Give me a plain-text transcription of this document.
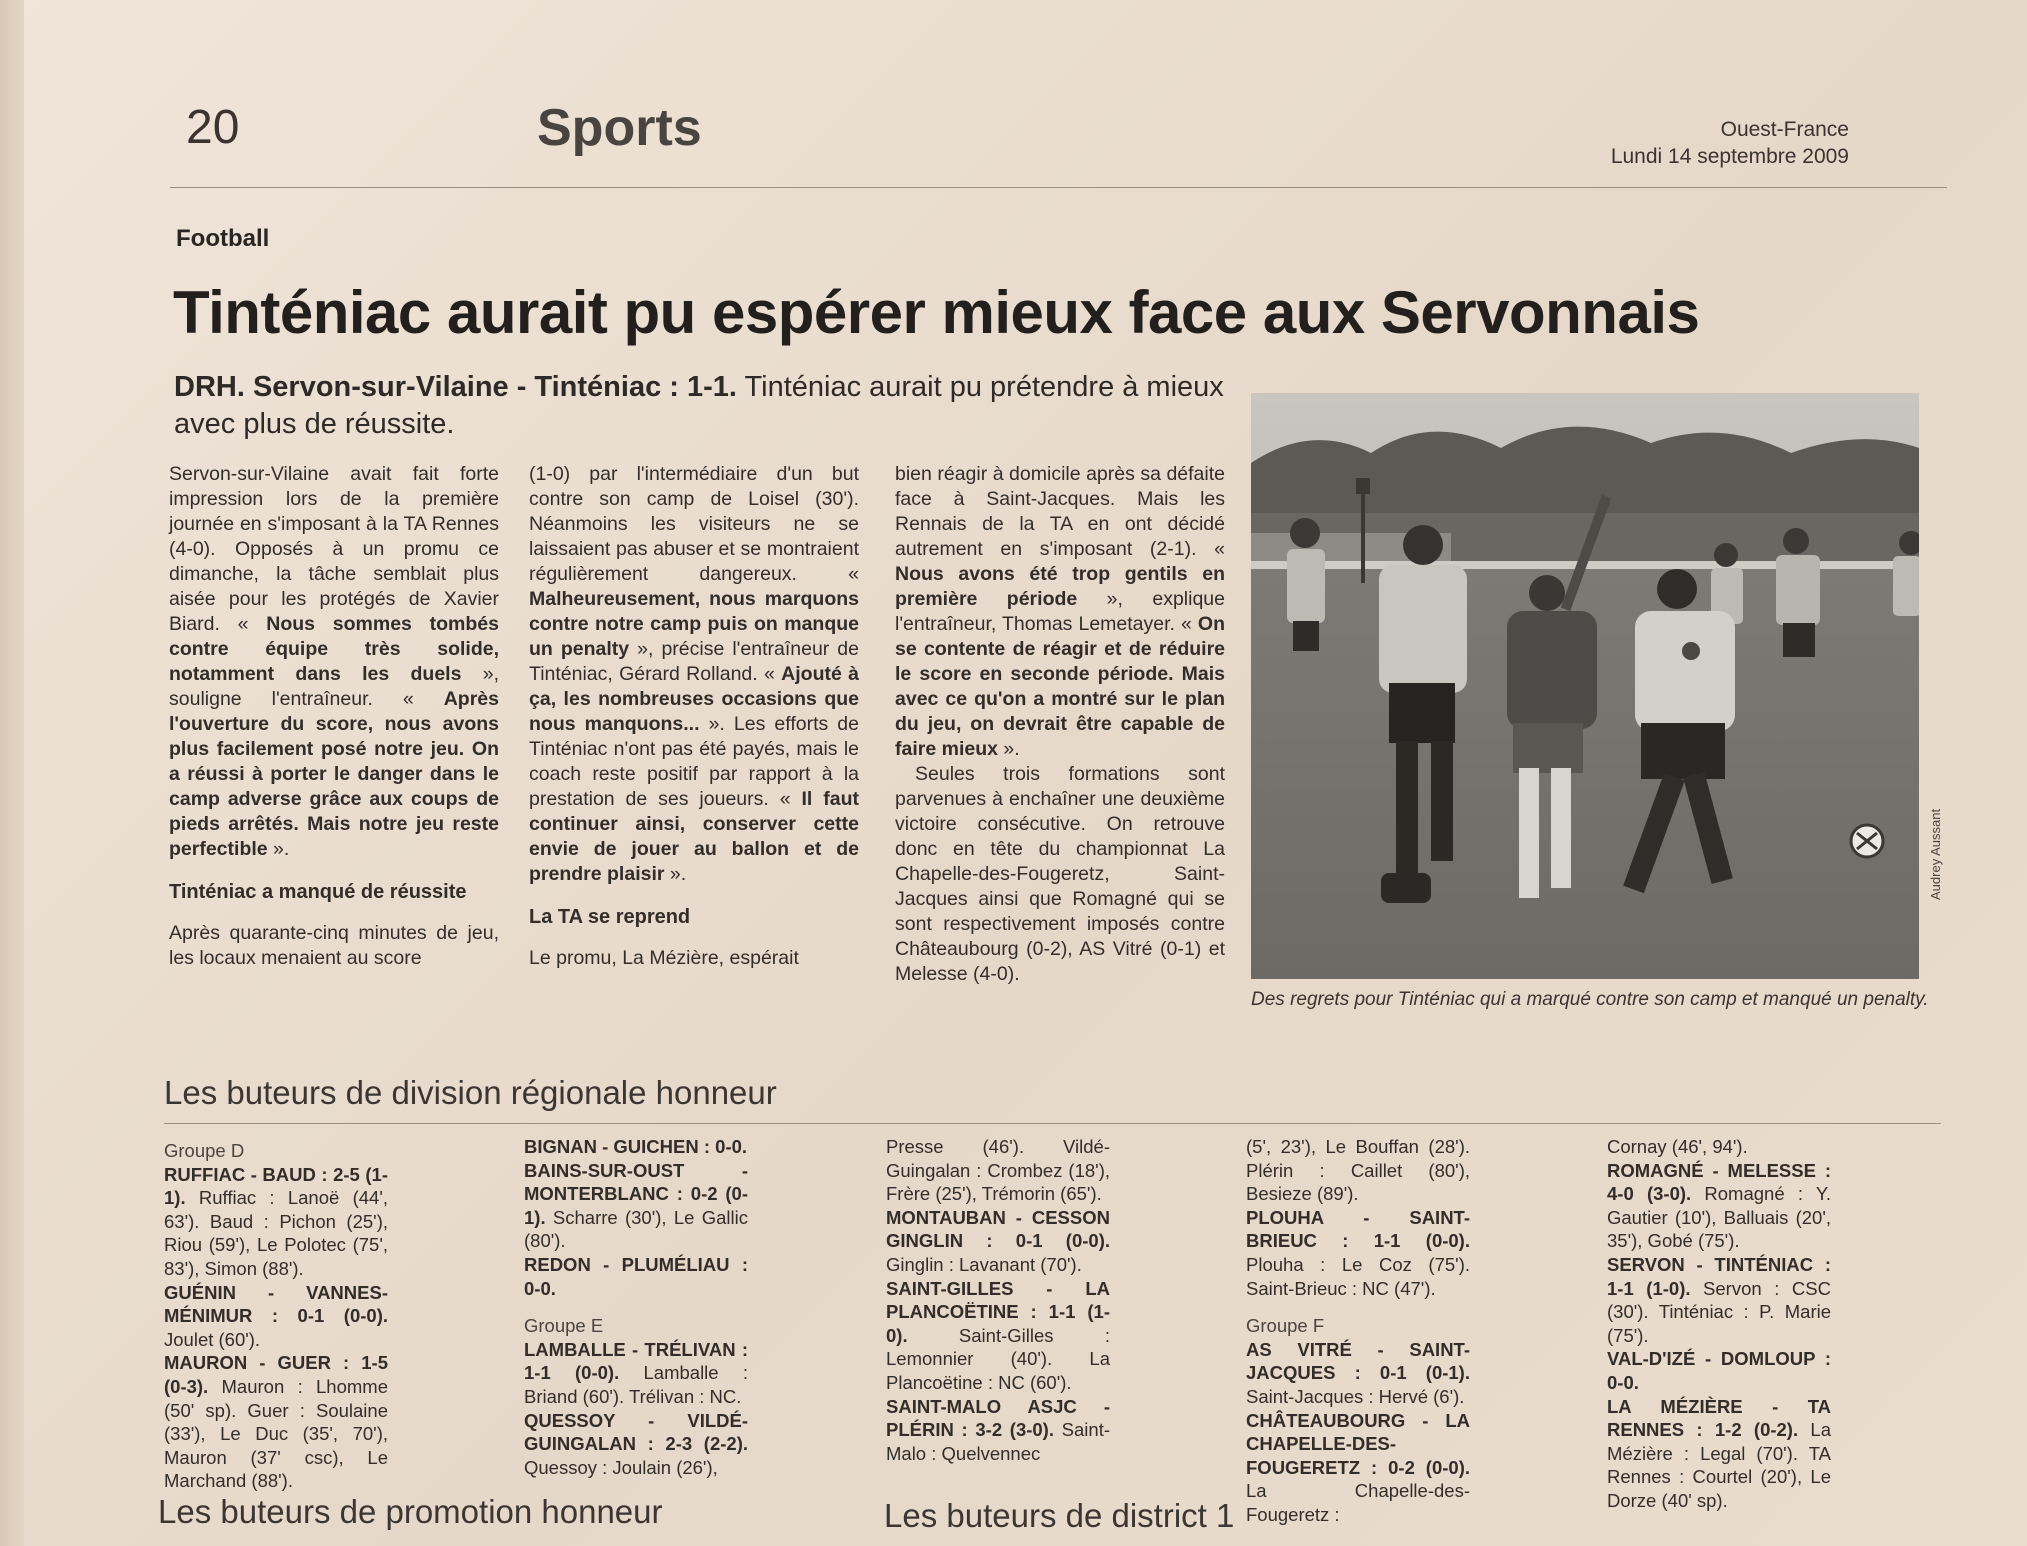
20	Sports	Ouest-France
Lundi 14 septembre 2009
Football
Tinténiac aurait pu espérer mieux face aux Servonnais
DRH. Servon-sur-Vilaine - Tinténiac : 1-1. Tinténiac aurait pu prétendre à mieux avec plus de réussite.

Servon-sur-Vilaine avait fait forte impression lors de la première journée en s'imposant à la TA Rennes (4-0). Opposés à un promu ce dimanche, la tâche semblait plus aisée pour les protégés de Xavier Biard. « Nous sommes tombés contre équipe très solide, notamment dans les duels », souligne l'entraîneur. « Après l'ouverture du score, nous avons plus facilement posé notre jeu. On a réussi à porter le danger dans le camp adverse grâce aux coups de pieds arrêtés. Mais notre jeu reste perfectible ».

Tinténiac a manqué de réussite

Après quarante-cinq minutes de jeu, les locaux menaient au score

(1-0) par l'intermédiaire d'un but contre son camp de Loisel (30'). Néanmoins les visiteurs ne se laissaient pas abuser et se montraient régulièrement dangereux. « Malheureusement, nous marquons contre notre camp puis on manque un penalty », précise l'entraîneur de Tinténiac, Gérard Rolland. « Ajouté à ça, les nombreuses occasions que nous manquons... ». Les efforts de Tinténiac n'ont pas été payés, mais le coach reste positif par rapport à la prestation de ses joueurs. « Il faut continuer ainsi, conserver cette envie de jouer au ballon et de prendre plaisir ».

La TA se reprend

Le promu, La Mézière, espérait

bien réagir à domicile après sa défaite face à Saint-Jacques. Mais les Rennais de la TA en ont décidé autrement en s'imposant (2-1). « Nous avons été trop gentils en première période », explique l'entraîneur, Thomas Lemetayer. « On se contente de réagir et de réduire le score en seconde période. Mais avec ce qu'on a montré sur le plan du jeu, on devrait être capable de faire mieux ».

Seules trois formations sont parvenues à enchaîner une deuxième victoire consécutive. On retrouve donc en tête du championnat La Chapelle-des-Fougeretz, Saint-Jacques ainsi que Romagné qui se sont respectivement imposés contre Châteaubourg (0-2), AS Vitré (0-1) et Melesse (4-0).

Audrey Aussant
Des regrets pour Tinténiac qui a marqué contre son camp et manqué un penalty.
Les buteurs de division régionale honneur

Groupe D

RUFFIAC - BAUD : 2-5 (1-1). Ruffiac : Lanoë (44', 63'). Baud : Pichon (25'), Riou (59'), Le Polotec (75', 83'), Simon (88').

GUÉNIN - VANNES-MÉNIMUR : 0-1 (0-0). Joulet (60').

MAURON - GUER : 1-5 (0-3). Mauron : Lhomme (50' sp). Guer : Soulaine (33'), Le Duc (35', 70'), Mauron (37' csc), Le Marchand (88').

BIGNAN - GUICHEN : 0-0.

BAINS-SUR-OUST - MONTERBLANC : 0-2 (0-1). Scharre (30'), Le Gallic (80').

REDON - PLUMÉLIAU : 0-0.

Groupe E

LAMBALLE - TRÉLIVAN : 1-1 (0-0). Lamballe : Briand (60'). Trélivan : NC.

QUESSOY - VILDÉ-GUINGALAN : 2-3 (2-2). Quessoy : Joulain (26'),

Presse (46'). Vildé-Guingalan : Crombez (18'), Frère (25'), Trémorin (65').

MONTAUBAN - CESSON GINGLIN : 0-1 (0-0). Ginglin : Lavanant (70').

SAINT-GILLES - LA PLANCOËTINE : 1-1 (1-0). Saint-Gilles : Lemonnier (40'). La Plancoëtine : NC (60').

SAINT-MALO ASJC - PLÉRIN : 3-2 (3-0). Saint-Malo : Quelvennec

(5', 23'), Le Bouffan (28'). Plérin : Caillet (80'), Besieze (89').

PLOUHA - SAINT-BRIEUC : 1-1 (0-0). Plouha : Le Coz (75'). Saint-Brieuc : NC (47').

Groupe F

AS VITRÉ - SAINT-JACQUES : 0-1 (0-1). Saint-Jacques : Hervé (6').

CHÂTEAUBOURG - LA CHAPELLE-DES-FOUGERETZ : 0-2 (0-0). La Chapelle-des-Fougeretz :

Cornay (46', 94').

ROMAGNÉ - MELESSE : 4-0 (3-0). Romagné : Y. Gautier (10'), Balluais (20', 35'), Gobé (75').

SERVON - TINTÉNIAC : 1-1 (1-0). Servon : CSC (30'). Tinténiac : P. Marie (75').

VAL-D'IZÉ - DOMLOUP : 0-0.

LA MÉZIÈRE - TA RENNES : 1-2 (0-2). La Mézière : Legal (70'). TA Rennes : Courtel (20'), Le Dorze (40' sp).

Les buteurs de promotion honneur	Les buteurs de district 1
